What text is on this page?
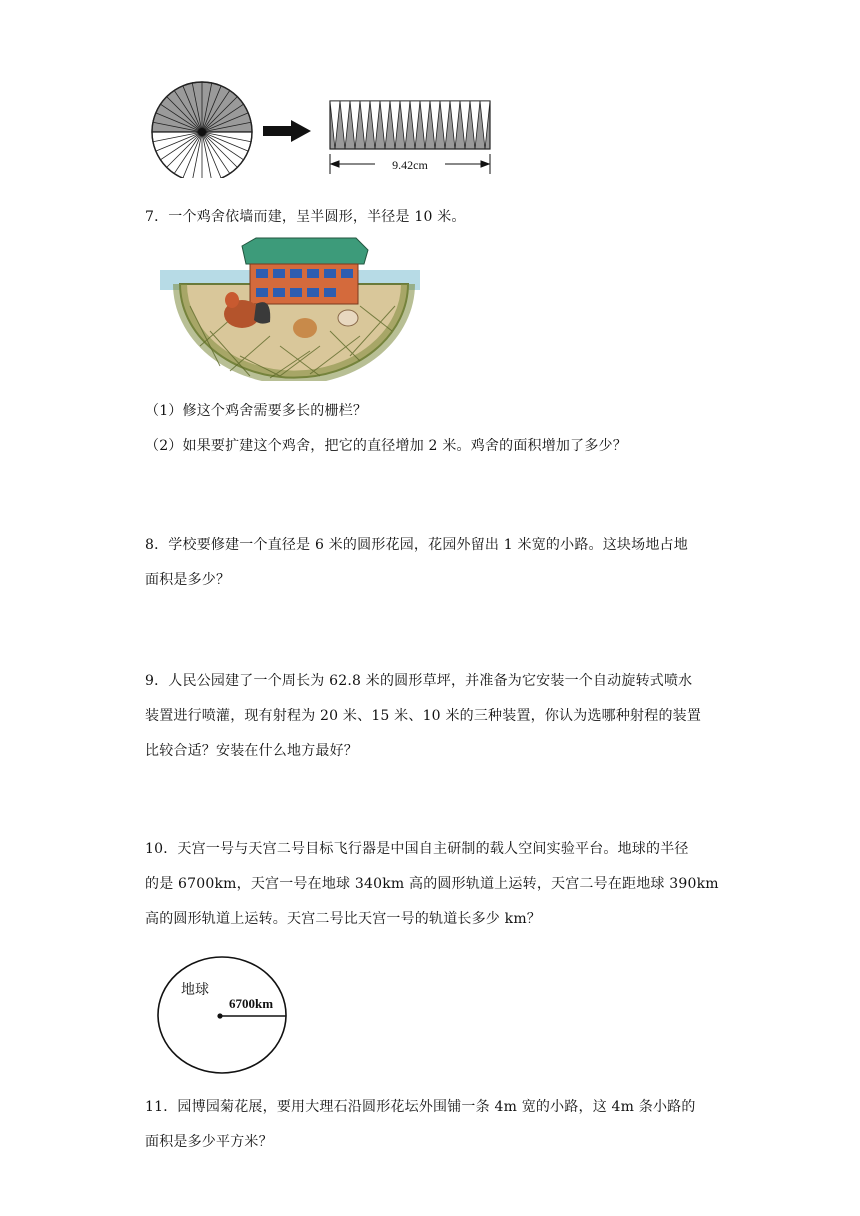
9.42cm

7．一个鸡舍依墙而建，呈半圆形，半径是 10 米。

（1）修这个鸡舍需要多长的栅栏？

（2）如果要扩建这个鸡舍，把它的直径增加 2 米。鸡舍的面积增加了多少？

8．学校要修建一个直径是 6 米的圆形花园，花园外留出 1 米宽的小路。这块场地占地
面积是多少？
9．人民公园建了一个周长为 62.8 米的圆形草坪，并准备为它安装一个自动旋转式喷水
装置进行喷灌，现有射程为 20 米、15 米、10 米的三种装置，你认为选哪种射程的装置
比较合适？安装在什么地方最好？
10．天宫一号与天宫二号目标飞行器是中国自主研制的载人空间实验平台。地球的半径
的是 6700km，天宫一号在地球 340km 高的圆形轨道上运转，天宫二号在距地球 390km
高的圆形轨道上运转。天宫二号比天宫一号的轨道长多少 km？
地球
6700km
11．园博园菊花展，要用大理石沿圆形花坛外围铺一条 4m 宽的小路，这 4m 条小路的
面积是多少平方米？
